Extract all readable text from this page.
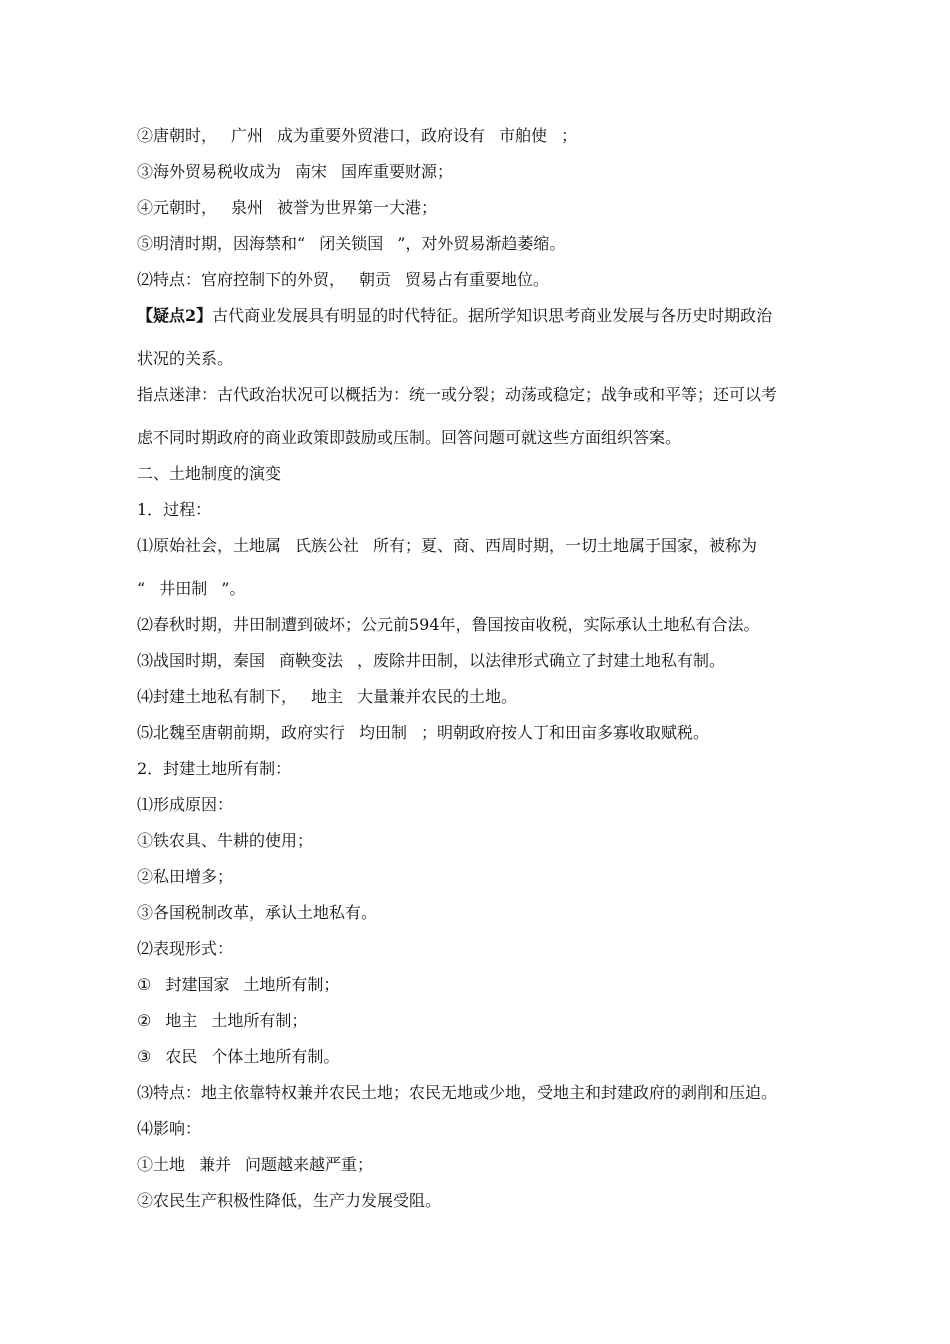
②唐朝时， 广州 成为重要外贸港口，政府设有 市舶使 ；
③海外贸易税收成为 南宋 国库重要财源；
④元朝时， 泉州 被誉为世界第一大港；
⑤明清时期，因海禁和“ 闭关锁国 ”，对外贸易渐趋萎缩。
⑵特点：官府控制下的外贸， 朝贡 贸易占有重要地位。
【疑点2】古代商业发展具有明显的时代特征。据所学知识思考商业发展与各历史时期政治
状况的关系。
指点迷津：古代政治状况可以概括为：统一或分裂；动荡或稳定；战争或和平等；还可以考
虑不同时期政府的商业政策即鼓励或压制。回答问题可就这些方面组织答案。
二、土地制度的演变
1．过程：
⑴原始社会，土地属 氏族公社 所有；夏、商、西周时期，一切土地属于国家，被称为
“ 井田制 ”。
⑵春秋时期，井田制遭到破坏；公元前594年，鲁国按亩收税，实际承认土地私有合法。
⑶战国时期，秦国 商鞅变法 ，废除井田制，以法律形式确立了封建土地私有制。
⑷封建土地私有制下， 地主 大量兼并农民的土地。
⑸北魏至唐朝前期，政府实行 均田制 ；明朝政府按人丁和田亩多寡收取赋税。
2．封建土地所有制：
⑴形成原因：
①铁农具、牛耕的使用；
②私田增多；
③各国税制改革，承认土地私有。
⑵表现形式：
① 封建国家 土地所有制；
② 地主 土地所有制；
③ 农民 个体土地所有制。
⑶特点：地主依靠特权兼并农民土地；农民无地或少地，受地主和封建政府的剥削和压迫。
⑷影响：
①土地 兼并 问题越来越严重；
②农民生产积极性降低，生产力发展受阻。
